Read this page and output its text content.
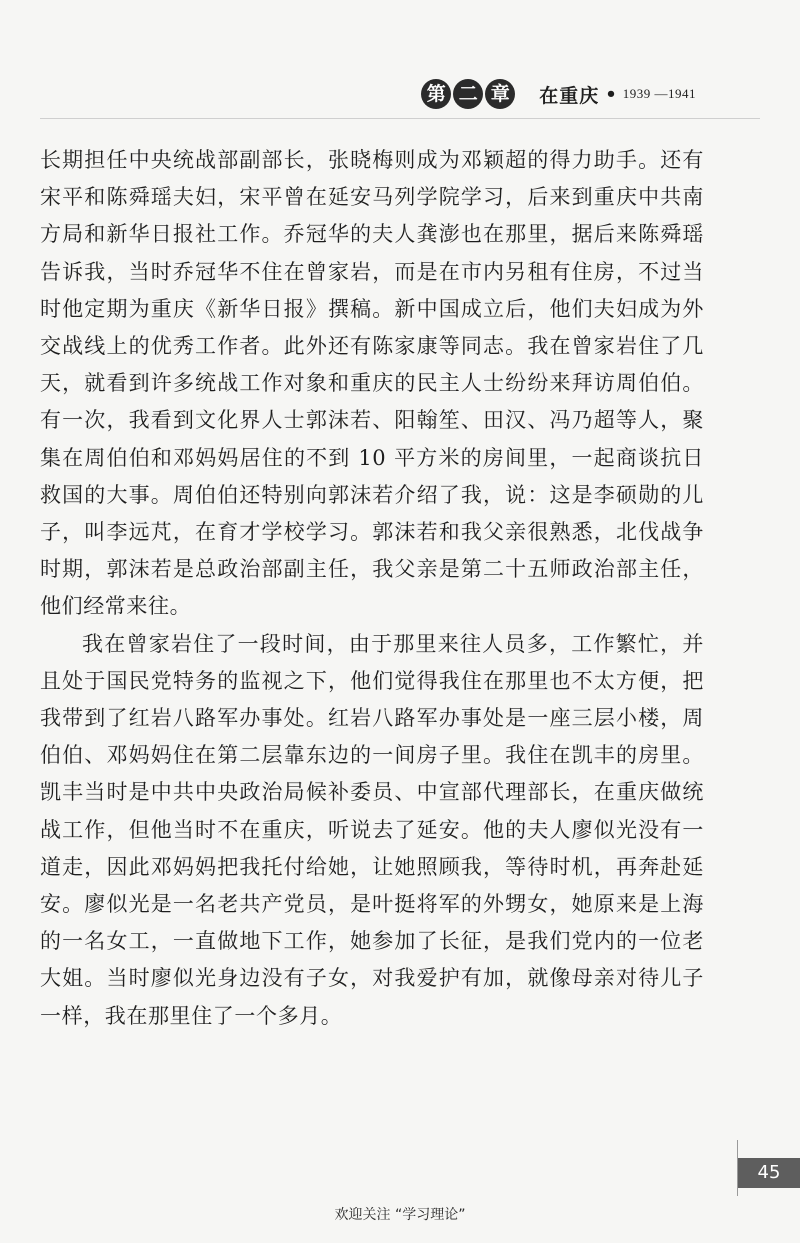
第 二 章 在重庆 • 1939 —1941

长期担任中央统战部副部长，张晓梅则成为邓颖超的得力助手。还有宋平和陈舜瑶夫妇，宋平曾在延安马列学院学习，后来到重庆中共南方局和新华日报社工作。乔冠华的夫人龚澎也在那里，据后来陈舜瑶告诉我，当时乔冠华不住在曾家岩，而是在市内另租有住房，不过当时他定期为重庆《新华日报》撰稿。新中国成立后，他们夫妇成为外交战线上的优秀工作者。此外还有陈家康等同志。我在曾家岩住了几天，就看到许多统战工作对象和重庆的民主人士纷纷来拜访周伯伯。有一次，我看到文化界人士郭沫若、阳翰笙、田汉、冯乃超等人，聚集在周伯伯和邓妈妈居住的不到 10 平方米的房间里，一起商谈抗日救国的大事。周伯伯还特别向郭沫若介绍了我，说：这是李硕勋的儿子，叫李远芃，在育才学校学习。郭沫若和我父亲很熟悉，北伐战争时期，郭沫若是总政治部副主任，我父亲是第二十五师政治部主任，他们经常来往。

我在曾家岩住了一段时间，由于那里来往人员多，工作繁忙，并且处于国民党特务的监视之下，他们觉得我住在那里也不太方便，把我带到了红岩八路军办事处。红岩八路军办事处是一座三层小楼，周伯伯、邓妈妈住在第二层靠东边的一间房子里。我住在凯丰的房里。凯丰当时是中共中央政治局候补委员、中宣部代理部长，在重庆做统战工作，但他当时不在重庆，听说去了延安。他的夫人廖似光没有一道走，因此邓妈妈把我托付给她，让她照顾我，等待时机，再奔赴延安。廖似光是一名老共产党员，是叶挺将军的外甥女，她原来是上海的一名女工，一直做地下工作，她参加了长征，是我们党内的一位老大姐。当时廖似光身边没有子女，对我爱护有加，就像母亲对待儿子一样，我在那里住了一个多月。

45
欢迎关注 “学习理论”
